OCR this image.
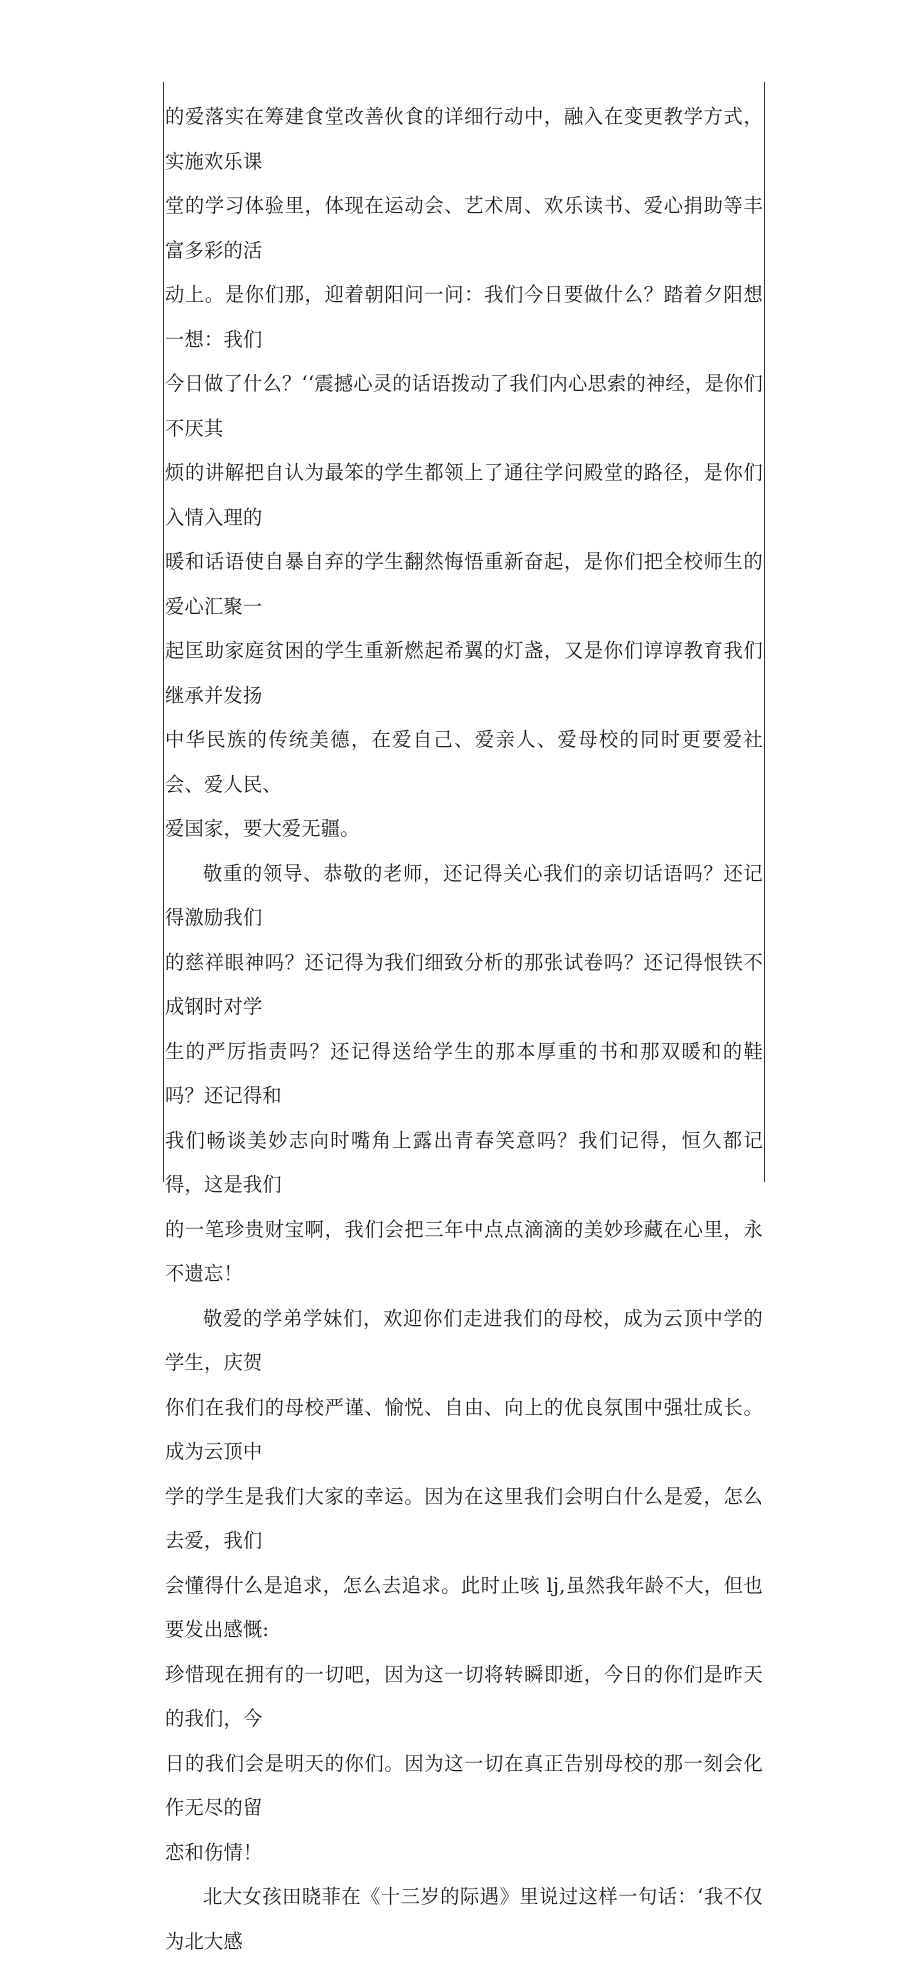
的爱落实在筹建食堂改善伙食的详细行动中，融入在变更教学方式，实施欢乐课
堂的学习体验里，体现在运动会、艺术周、欢乐读书、爱心捐助等丰富多彩的活
动上。是你们那，迎着朝阳问一问：我们今日要做什么？踏着夕阳想一想：我们
今日做了什么？‘‘震撼心灵的话语拨动了我们内心思索的神经，是你们不厌其
烦的讲解把自认为最笨的学生都领上了通往学问殿堂的路径，是你们入情入理的
暖和话语使自暴自弃的学生翻然悔悟重新奋起，是你们把全校师生的爱心汇聚一
起匡助家庭贫困的学生重新燃起希翼的灯盏，又是你们谆谆教育我们继承并发扬
中华民族的传统美德，在爱自己、爱亲人、爱母校的同时更要爱社会、爱人民、
爱国家，要大爱无疆。

敬重的领导、恭敬的老师，还记得关心我们的亲切话语吗？还记得激励我们
的慈祥眼神吗？还记得为我们细致分析的那张试卷吗？还记得恨铁不成钢时对学
生的严厉指责吗？还记得送给学生的那本厚重的书和那双暖和的鞋吗？还记得和
我们畅谈美妙志向时嘴角上露出青春笑意吗？我们记得，恒久都记得，这是我们
的一笔珍贵财宝啊，我们会把三年中点点滴滴的美妙珍藏在心里，永不遗忘！

敬爱的学弟学妹们，欢迎你们走进我们的母校，成为云顶中学的学生，庆贺
你们在我们的母校严谨、愉悦、自由、向上的优良氛围中强壮成长。成为云顶中
学的学生是我们大家的幸运。因为在这里我们会明白什么是爱，怎么去爱，我们
会懂得什么是追求，怎么去追求。此时止咳 lj,虽然我年龄不大，但也要发出感慨:
珍惜现在拥有的一切吧，因为这一切将转瞬即逝，今日的你们是昨天的我们，今
日的我们会是明天的你们。因为这一切在真正告别母校的那一刻会化作无尽的留
恋和伤情！

北大女孩田晓菲在《十三岁的际遇》里说过这样一句话：‘我不仅为北大感
